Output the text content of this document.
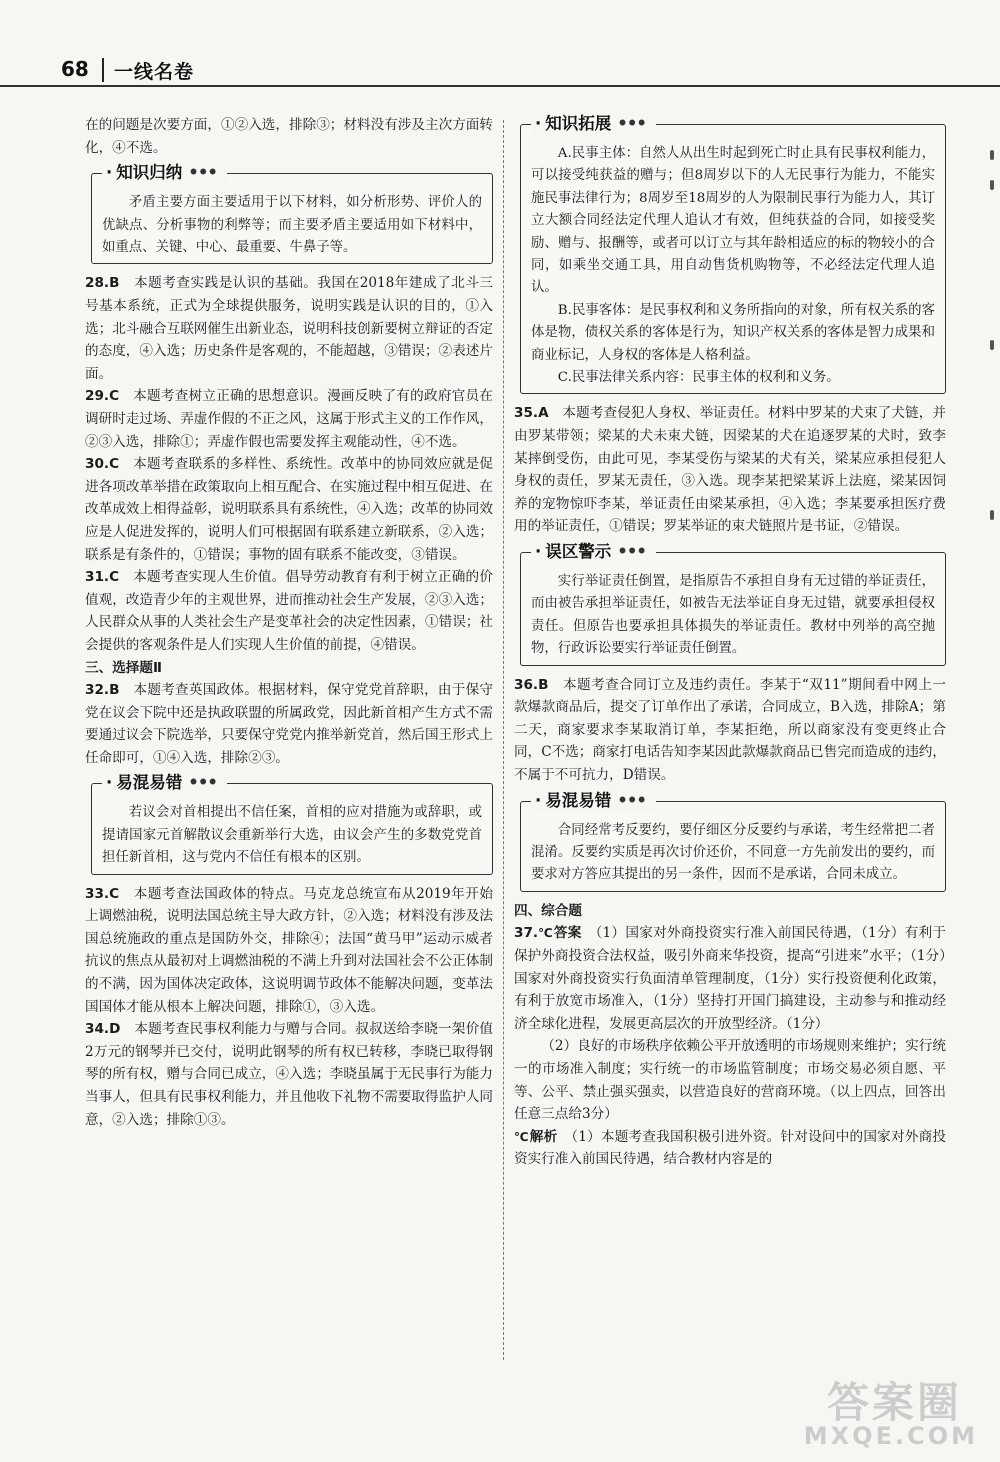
68 一线名卷

在的问题是次要方面，①②入选，排除③；材料没有涉及主次方面转化，④不选。

· 知识归纳 •••

矛盾主要方面主要适用于以下材料，如分析形势、评价人的优缺点、分析事物的利弊等；而主要矛盾主要适用如下材料中，如重点、关键、中心、最重要、牛鼻子等。

28.B　 本题考查实践是认识的基础。我国在2018年建成了北斗三号基本系统，正式为全球提供服务，说明实践是认识的目的，①入选；北斗融合互联网催生出新业态，说明科技创新要树立辩证的否定的态度，④入选；历史条件是客观的，不能超越，③错误；②表述片面。

29.C　 本题考查树立正确的思想意识。漫画反映了有的政府官员在调研时走过场、弄虚作假的不正之风，这属于形式主义的工作作风，②③入选，排除①；弄虚作假也需要发挥主观能动性，④不选。

30.C　 本题考查联系的多样性、系统性。改革中的协同效应就是促进各项改革举措在政策取向上相互配合、在实施过程中相互促进、在改革成效上相得益彰，说明联系具有系统性，④入选；改革的协同效应是人促进发挥的，说明人们可根据固有联系建立新联系，②入选；联系是有条件的，①错误；事物的固有联系不能改变，③错误。

31.C　 本题考查实现人生价值。倡导劳动教育有利于树立正确的价值观，改造青少年的主观世界，进而推动社会生产发展，②③入选；人民群众从事的人类社会生产是变革社会的决定性因素，①错误；社会提供的客观条件是人们实现人生价值的前提，④错误。

三、选择题Ⅱ

32.B　 本题考查英国政体。根据材料，保守党党首辞职，由于保守党在议会下院中还是执政联盟的所属政党，因此新首相产生方式不需要通过议会下院选举，只要保守党党内推举新党首，然后国王形式上任命即可，①④入选，排除②③。

· 易混易错 •••

若议会对首相提出不信任案，首相的应对措施为或辞职，或提请国家元首解散议会重新举行大选，由议会产生的多数党党首担任新首相，这与党内不信任有根本的区别。

33.C　 本题考查法国政体的特点。马克龙总统宣布从2019年开始上调燃油税，说明法国总统主导大政方针，②入选；材料没有涉及法国总统施政的重点是国防外交，排除④；法国“黄马甲”运动示威者抗议的焦点从最初对上调燃油税的不满上升到对法国社会不公正体制的不满，因为国体决定政体，这说明调节政体不能解决问题，变革法国国体才能从根本上解决问题，排除①，③入选。

34.D　 本题考查民事权利能力与赠与合同。叔叔送给李晓一架价值2万元的钢琴并已交付，说明此钢琴的所有权已转移，李晓已取得钢琴的所有权，赠与合同已成立，④入选；李晓虽属于无民事行为能力当事人，但具有民事权利能力，并且他收下礼物不需要取得监护人同意，②入选；排除①③。

· 知识拓展 •••

A.民事主体：自然人从出生时起到死亡时止具有民事权利能力，可以接受纯获益的赠与；但8周岁以下的人无民事行为能力，不能实施民事法律行为；8周岁至18周岁的人为限制民事行为能力人，其订立大额合同经法定代理人追认才有效，但纯获益的合同，如接受奖励、赠与、报酬等，或者可以订立与其年龄相适应的标的物较小的合同，如乘坐交通工具，用自动售货机购物等，不必经法定代理人追认。

B.民事客体：是民事权利和义务所指向的对象，所有权关系的客体是物，债权关系的客体是行为，知识产权关系的客体是智力成果和商业标记，人身权的客体是人格利益。

C.民事法律关系内容：民事主体的权利和义务。

35.A　 本题考查侵犯人身权、举证责任。材料中罗某的犬束了犬链，并由罗某带领；梁某的犬未束犬链，因梁某的犬在追逐罗某的犬时，致李某摔倒受伤，由此可见，李某受伤与梁某的犬有关，梁某应承担侵犯人身权的责任，罗某无责任，③入选。现李某把梁某诉上法庭，梁某因饲养的宠物惊吓李某，举证责任由梁某承担，④入选；李某要承担医疗费用的举证责任，①错误；罗某举证的束犬链照片是书证，②错误。

· 误区警示 •••

实行举证责任倒置，是指原告不承担自身有无过错的举证责任，而由被告承担举证责任，如被告无法举证自身无过错，就要承担侵权责任。但原告也要承担具体损失的举证责任。教材中列举的高空抛物，行政诉讼要实行举证责任倒置。

36.B　 本题考查合同订立及违约责任。李某于“双11”期间看中网上一款爆款商品后，提交了订单作出了承诺，合同成立，B入选，排除A；第二天，商家要求李某取消订单，李某拒绝，所以商家没有变更终止合同，C不选；商家打电话告知李某因此款爆款商品已售完而造成的违约，不属于不可抗力，D错误。

· 易混易错 •••

合同经常考反要约，要仔细区分反要约与承诺，考生经常把二者混淆。反要约实质是再次讨价还价，不同意一方先前发出的要约，而要求对方答应其提出的另一条件，因而不是承诺，合同未成立。

四、综合题

37.℃答案　 （1）国家对外商投资实行准入前国民待遇，（1分）有利于保护外商投资合法权益，吸引外商来华投资，提高“引进来”水平；（1分）国家对外商投资实行负面清单管理制度，（1分）实行投资便利化政策，有利于放宽市场准入，（1分）坚持打开国门搞建设，主动参与和推动经济全球化进程，发展更高层次的开放型经济。（1分）

（2）良好的市场秩序依赖公平开放透明的市场规则来维护；实行统一的市场准入制度；实行统一的市场监管制度；市场交易必须自愿、平等、公平、禁止强买强卖，以营造良好的营商环境。（以上四点，回答出任意三点给3分）

℃解析　 （1）本题考查我国积极引进外资。针对设问中的国家对外商投资实行准入前国民待遇，结合教材内容是的

答案圈
MXQE.COM
